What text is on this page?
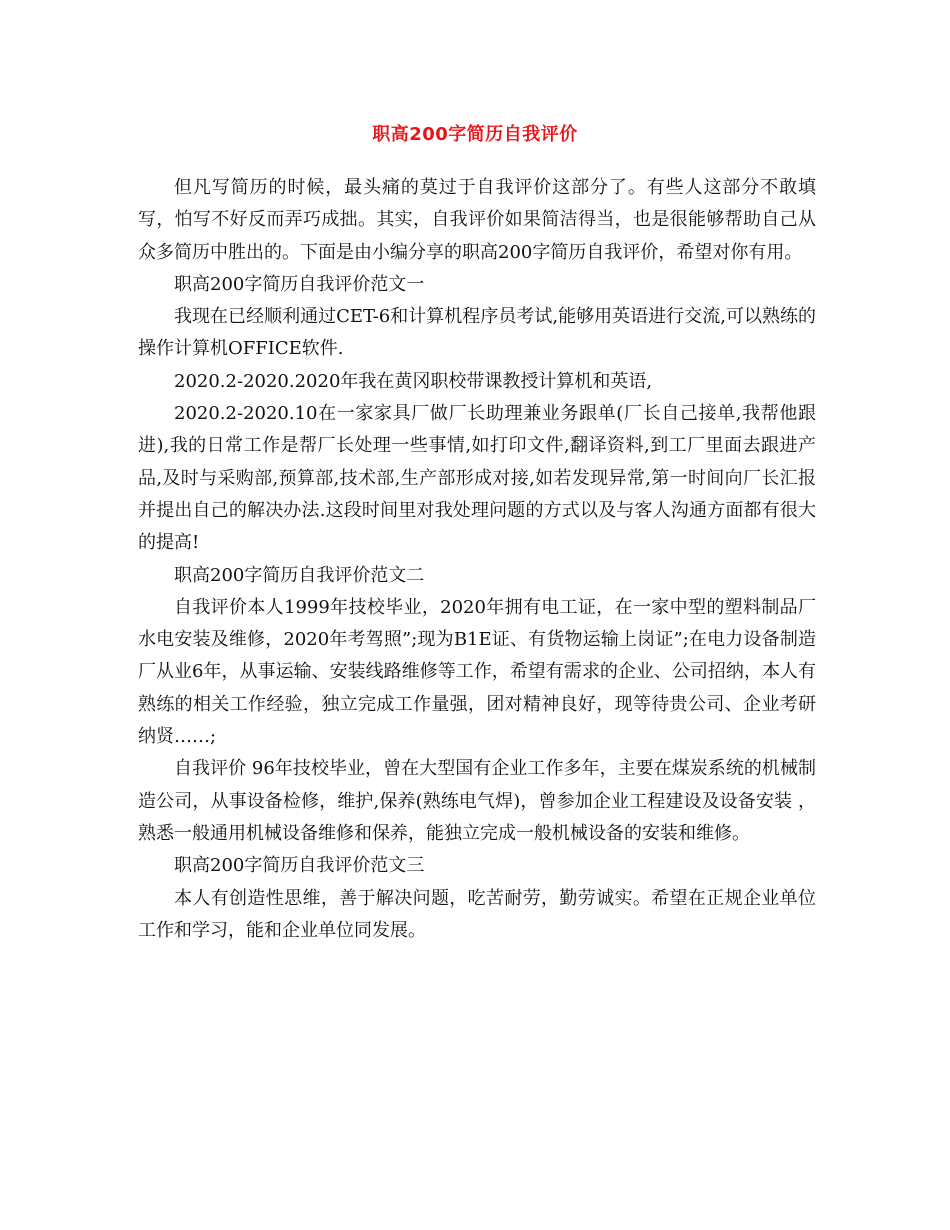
职高200字简历自我评价

但凡写简历的时候，最头痛的莫过于自我评价这部分了。有些人这部分不敢填写，怕写不好反而弄巧成拙。其实，自我评价如果简洁得当，也是很能够帮助自己从众多简历中胜出的。下面是由小编分享的职高200字简历自我评价，希望对你有用。

职高200字简历自我评价范文一

我现在已经顺利通过CET-6和计算机程序员考试,能够用英语进行交流,可以熟练的操作计算机OFFICE软件.

2020.2-2020.2020年我在黄冈职校带课教授计算机和英语,

2020.2-2020.10在一家家具厂做厂长助理兼业务跟单(厂长自己接单,我帮他跟进),我的日常工作是帮厂长处理一些事情,如打印文件,翻译资料,到工厂里面去跟进产品,及时与采购部,预算部,技术部,生产部形成对接,如若发现异常,第一时间向厂长汇报并提出自己的解决办法.这段时间里对我处理问题的方式以及与客人沟通方面都有很大的提高!

职高200字简历自我评价范文二

自我评价本人1999年技校毕业，2020年拥有电工证，在一家中型的塑料制品厂水电安装及维修，2020年考驾照”;现为B1E证、有货物运输上岗证”;在电力设备制造厂从业6年，从事运输、安装线路维修等工作，希望有需求的企业、公司招纳，本人有熟练的相关工作经验，独立完成工作量强，团对精神良好，现等待贵公司、企业考研纳贤……;

自我评价 96年技校毕业，曾在大型国有企业工作多年，主要在煤炭系统的机械制造公司，从事设备检修，维护,保养(熟练电气焊)，曾参加企业工程建设及设备安装 ，熟悉一般通用机械设备维修和保养，能独立完成一般机械设备的安装和维修。

职高200字简历自我评价范文三

本人有创造性思维，善于解决问题，吃苦耐劳，勤劳诚实。希望在正规企业单位工作和学习，能和企业单位同发展。
